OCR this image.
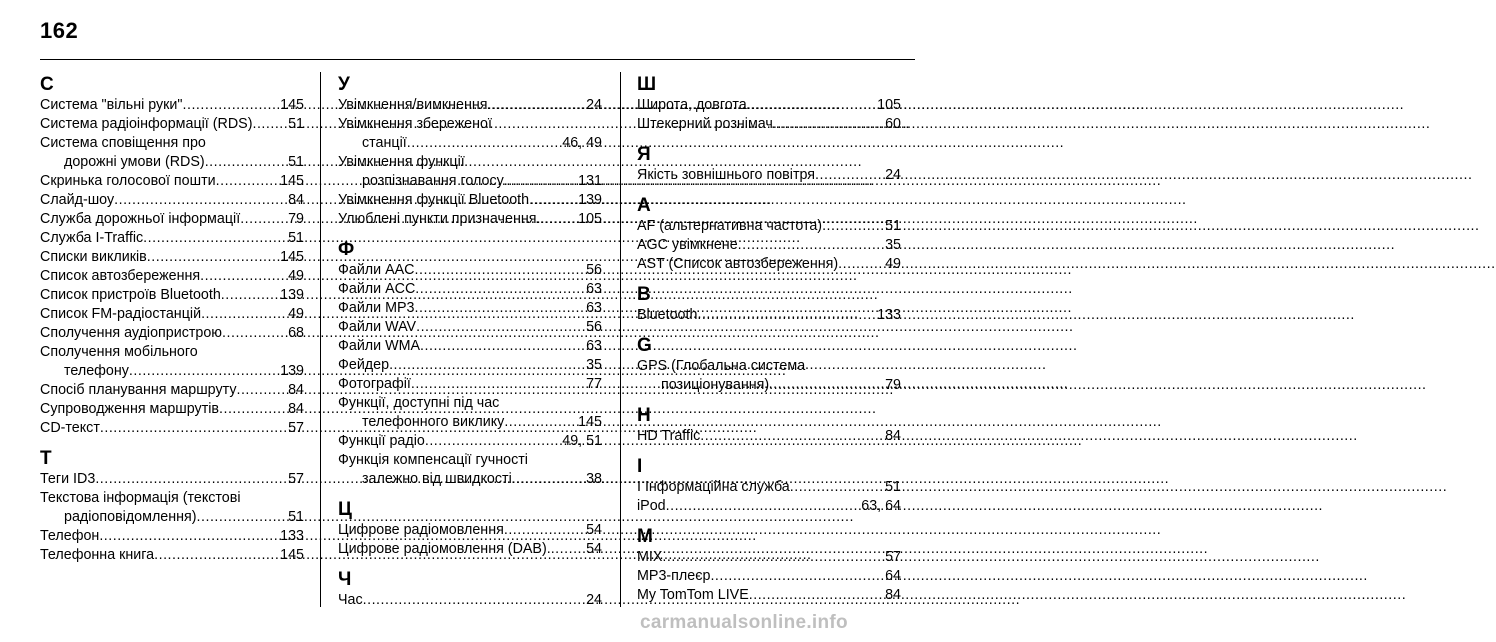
162
С
Система "вільні руки" .....	145
Система радіоінформації (RDS) ..... 51
Система сповіщення про
дорожні умови (RDS) .....	51
Скринька голосової пошти .....	145
Слайд-шоу .....	84
Служба дорожньої інформації .....	79
Служба I-Traffic .....	51
Списки викликів .....	145
Список автозбереження .....	49
Список пристроїв Bluetooth .....	139
Список FM-радіостанцій .....	49
Сполучення аудіопристрою .....	68
Сполучення мобільного
телефону .....	139
Спосіб планування маршруту .....	84
Супроводження маршрутів .....	84
CD-текст .....	57
Т
Теги ID3 .....	57
Текстова інформація (текстові
радіоповідомлення) .....	51
Телефон .....	133
Телефонна книга .....	145
У
Увімкнення/вимкнення .....	24
Увімкнення збереженої
станції .....	46, 49
Увімкнення функції
розпізнавання голосу .....	131
Увімкнення функції Bluetooth .....	139
Улюблені пункти призначення. .....	105
Ф
Файли AAC .....	56
Файли ACC .....	63
Файли MP3 .....	63
Файли WAV .....	56
Файли WMA .....	63
Фейдер .....	35
Фотографії .....	77
Функції, доступні під час
телефонного виклику .....	145
Функції радіо .....	49, 51
Функція компенсації гучності
залежно від швидкості .....	38
Ц
Цифрове радіомовлення .....	54
Цифрове радіомовлення (DAB). ..... 54
Ч
Час .....	24
Ш
Широта, довгота .....	105
Штекерний рознімач .....	60
Я
Якість зовнішнього повітря .....	24
A
AF (альтернативна частота) .....	51
AGC увімкнене .....	35
AST (Список автозбереження) .....	49
B
Bluetooth .....	133
G
GPS (Глобальна система
позиціонування) .....	79
H
HD Traffic .....	84
I
I Інформаційна служба .....	51
iPod .....	63, 64
M
MIX .....	57
MP3-плеєр .....	64
My TomTom LIVE .....	84
carmanualsonline.info
